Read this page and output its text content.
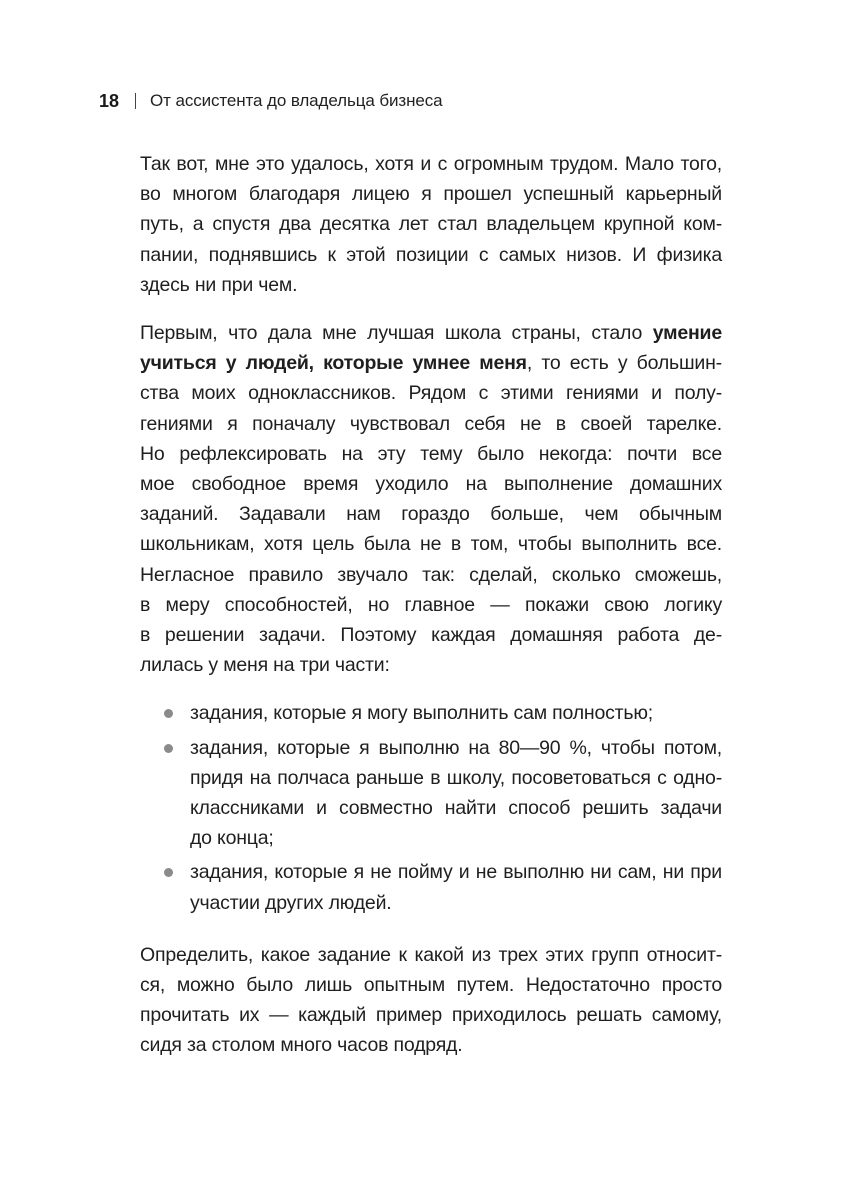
18 От ассистента до владельца бизнеса
Так вот, мне это удалось, хотя и с огромным трудом. Мало того,
во многом благодаря лицею я прошел успешный карьерный
путь, а спустя два десятка лет стал владельцем крупной ком-
пании, поднявшись к этой позиции с самых низов. И физика
здесь ни при чем.
Первым, что дала мне лучшая школа страны, стало умение
учиться у людей, которые умнее меня, то есть у большин-
ства моих одноклассников. Рядом с этими гениями и полу-
гениями я поначалу чувствовал себя не в своей тарелке.
Но рефлексировать на эту тему было некогда: почти все
мое свободное время уходило на выполнение домашних
заданий. Задавали нам гораздо больше, чем обычным
школьникам, хотя цель была не в том, чтобы выполнить все.
Негласное правило звучало так: сделай, сколько сможешь,
в меру способностей, но главное — покажи свою логику
в решении задачи. Поэтому каждая домашняя работа де-
лилась у меня на три части:
задания, которые я могу выполнить сам полностью;
задания, которые я выполню на 80—90 %, чтобы потом,
придя на полчаса раньше в школу, посоветоваться с одно-
классниками и совместно найти способ решить задачи
до конца;
задания, которые я не пойму и не выполню ни сам, ни при
участии других людей.
Определить, какое задание к какой из трех этих групп относит-
ся, можно было лишь опытным путем. Недостаточно просто
прочитать их — каждый пример приходилось решать самому,
сидя за столом много часов подряд.
